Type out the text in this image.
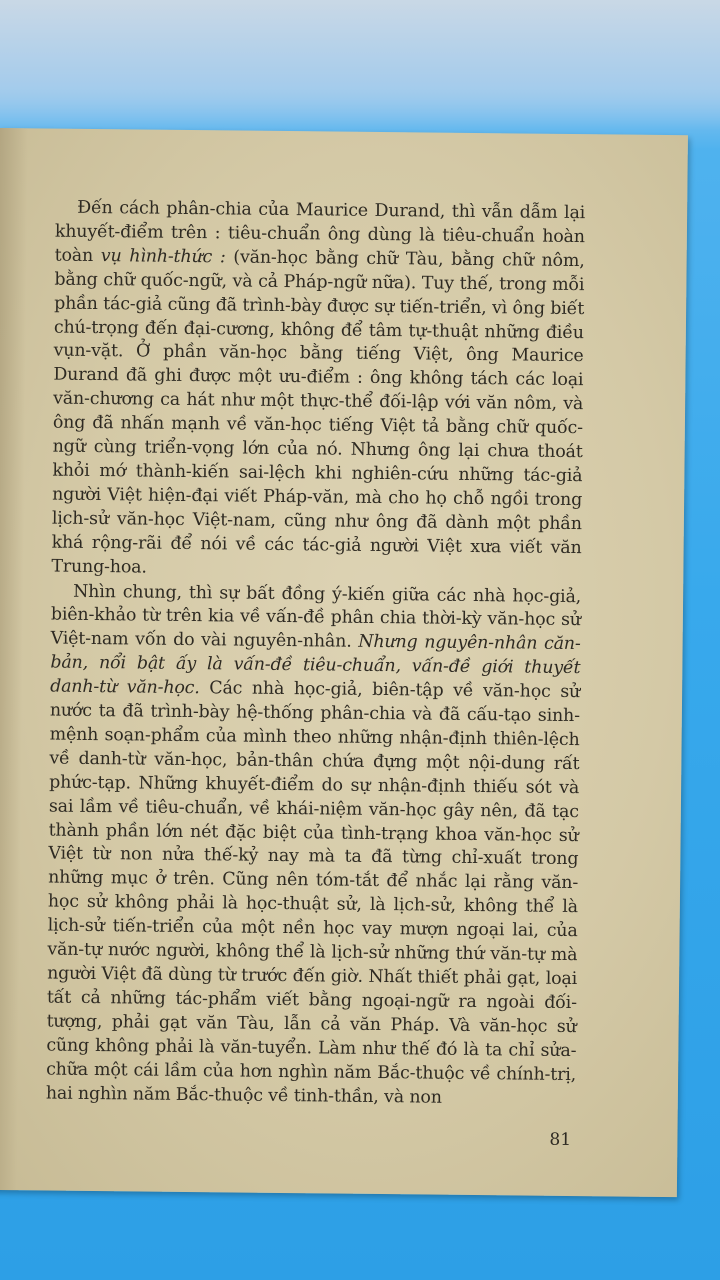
Đến cách phân-chia của Maurice Durand, thì vẫn dẫm lại khuyết-điểm trên : tiêu-chuẩn ông dùng là tiêu-chuẩn hoàn toàn vụ hình-thức : (văn-học bằng chữ Tàu, bằng chữ nôm, bằng chữ quốc-ngữ, và cả Pháp-ngữ nữa). Tuy thế, trong mỗi phần tác-giả cũng đã trình-bày được sự tiến-triển, vì ông biết chú-trọng đến đại-cương, không để tâm tự-thuật những điều vụn-vặt. Ở phần văn-học bằng tiếng Việt, ông Maurice Durand đã ghi được một ưu-điểm : ông không tách các loại văn-chương ca hát như một thực-thể đối-lập với văn nôm, và ông đã nhấn mạnh về văn-học tiếng Việt tả bằng chữ quốc-ngữ cùng triển-vọng lớn của nó. Nhưng ông lại chưa thoát khỏi mớ thành-kiến sai-lệch khi nghiên-cứu những tác-giả người Việt hiện-đại viết Pháp-văn, mà cho họ chỗ ngồi trong lịch-sử văn-học Việt-nam, cũng như ông đã dành một phần khá rộng-rãi để nói về các tác-giả người Việt xưa viết văn Trung-hoa.

Nhìn chung, thì sự bất đồng ý-kiến giữa các nhà học-giả, biên-khảo từ trên kia về vấn-đề phân chia thời-kỳ văn-học sử Việt-nam vốn do vài nguyên-nhân. Nhưng nguyên-nhân căn-bản, nổi bật ấy là vấn-đề tiêu-chuẩn, vấn-đề giới thuyết danh-từ văn-học. Các nhà học-giả, biên-tập về văn-học sử nước ta đã trình-bày hệ-thống phân-chia và đã cấu-tạo sinh-mệnh soạn-phẩm của mình theo những nhận-định thiên-lệch về danh-từ văn-học, bản-thân chứa đựng một nội-dung rất phức-tạp. Những khuyết-điểm do sự nhận-định thiếu sót và sai lầm về tiêu-chuẩn, về khái-niệm văn-học gây nên, đã tạc thành phần lớn nét đặc biệt của tình-trạng khoa văn-học sử Việt từ non nửa thế-kỷ nay mà ta đã từng chỉ-xuất trong những mục ở trên. Cũng nên tóm-tắt để nhắc lại rằng văn-học sử không phải là học-thuật sử, là lịch-sử, không thể là lịch-sử tiến-triển của một nền học vay mượn ngoại lai, của văn-tự nước người, không thể là lịch-sử những thứ văn-tự mà người Việt đã dùng từ trước đến giờ. Nhất thiết phải gạt, loại tất cả những tác-phẩm viết bằng ngoại-ngữ ra ngoài đối-tượng, phải gạt văn Tàu, lẫn cả văn Pháp. Và văn-học sử cũng không phải là văn-tuyển. Làm như thế đó là ta chỉ sửa-chữa một cái lầm của hơn nghìn năm Bắc-thuộc về chính-trị, hai nghìn năm Bắc-thuộc về tinh-thần, và non

81
